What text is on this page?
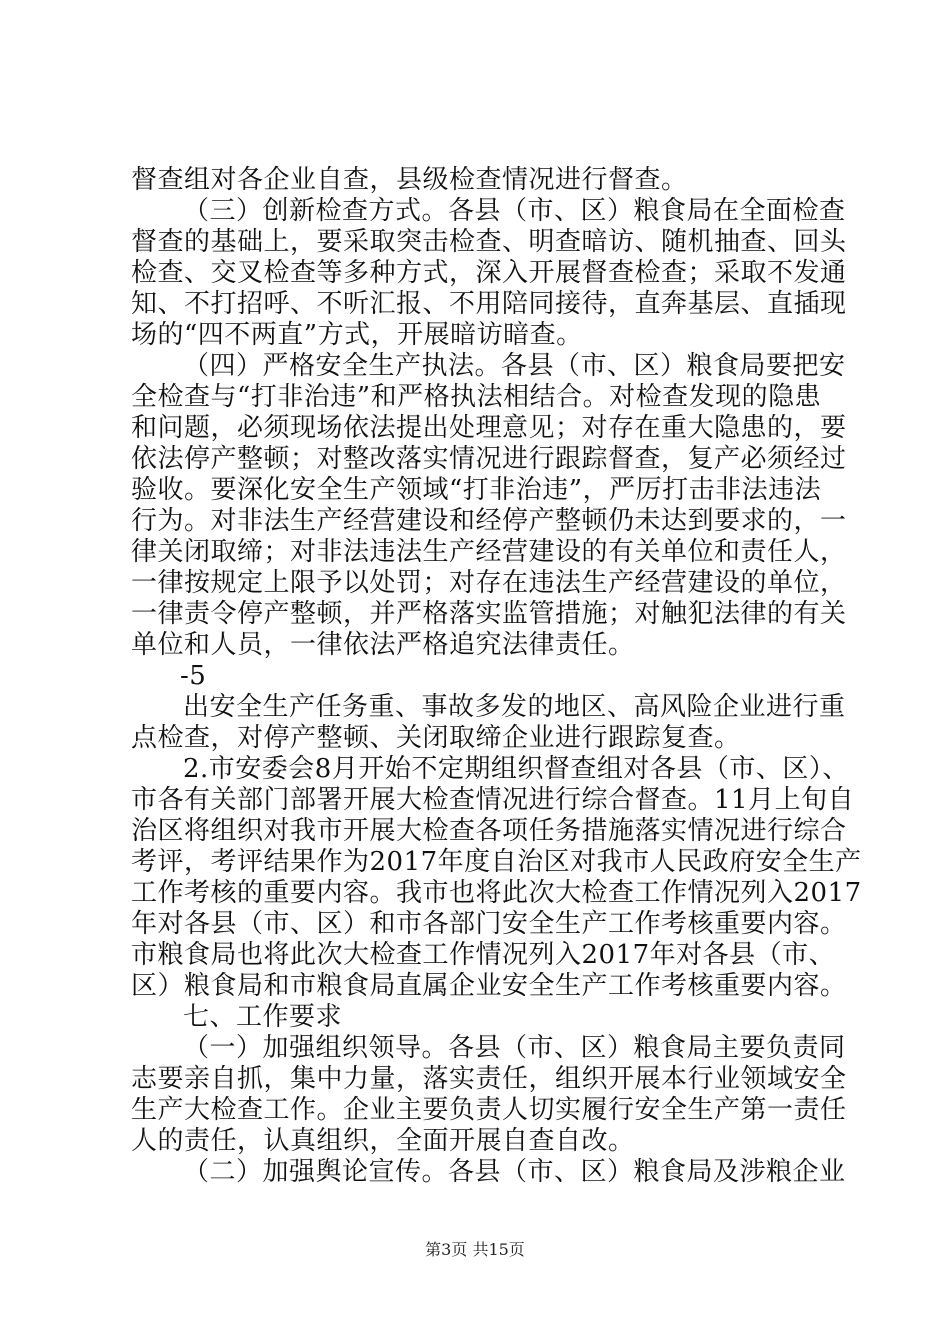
督查组对各企业自查，县级检查情况进行督查。
（三）创新检查方式。各县（市、区）粮食局在全面检查
督查的基础上，要采取突击检查、明查暗访、随机抽查、回头
检查、交叉检查等多种方式，深入开展督查检查；采取不发通
知、不打招呼、不听汇报、不用陪同接待，直奔基层、直插现
场的“四不两直”方式，开展暗访暗查。
（四）严格安全生产执法。各县（市、区）粮食局要把安
全检查与“打非治违”和严格执法相结合。对检查发现的隐患
和问题，必须现场依法提出处理意见；对存在重大隐患的，要
依法停产整顿；对整改落实情况进行跟踪督查，复产必须经过
验收。要深化安全生产领域“打非治违”，严厉打击非法违法
行为。对非法生产经营建设和经停产整顿仍未达到要求的，一
律关闭取缔；对非法违法生产经营建设的有关单位和责任人，
一律按规定上限予以处罚；对存在违法生产经营建设的单位，
一律责令停产整顿，并严格落实监管措施；对触犯法律的有关
单位和人员，一律依法严格追究法律责任。
-5
出安全生产任务重、事故多发的地区、高风险企业进行重
点检查，对停产整顿、关闭取缔企业进行跟踪复查。
2.市安委会8月开始不定期组织督查组对各县（市、区）、
市各有关部门部署开展大检查情况进行综合督查。11月上旬自
治区将组织对我市开展大检查各项任务措施落实情况进行综合
考评，考评结果作为2017年度自治区对我市人民政府安全生产
工作考核的重要内容。我市也将此次大检查工作情况列入2017
年对各县（市、区）和市各部门安全生产工作考核重要内容。
市粮食局也将此次大检查工作情况列入2017年对各县（市、
区）粮食局和市粮食局直属企业安全生产工作考核重要内容。
七、工作要求
（一）加强组织领导。各县（市、区）粮食局主要负责同
志要亲自抓，集中力量，落实责任，组织开展本行业领域安全
生产大检查工作。企业主要负责人切实履行安全生产第一责任
人的责任，认真组织，全面开展自查自改。
（二）加强舆论宣传。各县（市、区）粮食局及涉粮企业
第3页 共15页
